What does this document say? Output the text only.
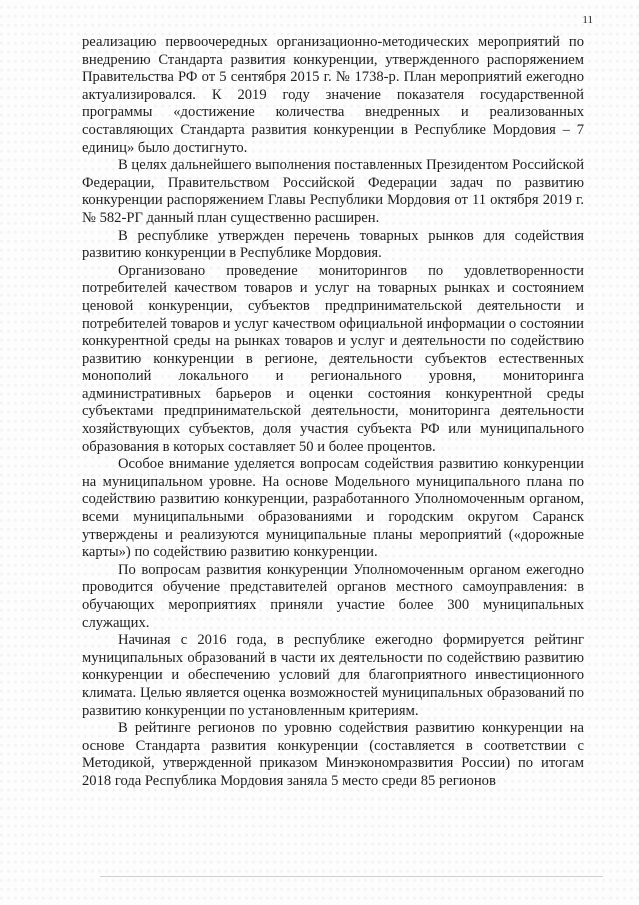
11

реализацию первоочередных организационно-методических мероприятий по внедрению Стандарта развития конкуренции, утвержденного распоряжением Правительства РФ от 5 сентября 2015 г. № 1738-р. План мероприятий ежегодно актуализировался. К 2019 году значение показателя государственной программы «достижение количества внедренных и реализованных составляющих Стандарта развития конкуренции в Республике Мордовия – 7 единиц» было достигнуто.

В целях дальнейшего выполнения поставленных Президентом Российской Федерации, Правительством Российской Федерации задач по развитию конкуренции распоряжением Главы Республики Мордовия от 11 октября 2019 г. № 582-РГ данный план существенно расширен.

В республике утвержден перечень товарных рынков для содействия развитию конкуренции в Республике Мордовия.

Организовано проведение мониторингов по удовлетворенности потребителей качеством товаров и услуг на товарных рынках и состоянием ценовой конкуренции, субъектов предпринимательской деятельности и потребителей товаров и услуг качеством официальной информации о состоянии конкурентной среды на рынках товаров и услуг и деятельности по содействию развитию конкуренции в регионе, деятельности субъектов естественных монополий локального и регионального уровня, мониторинга административных барьеров и оценки состояния конкурентной среды субъектами предпринимательской деятельности, мониторинга деятельности хозяйствующих субъектов, доля участия субъекта РФ или муниципального образования в которых составляет 50 и более процентов.

Особое внимание уделяется вопросам содействия развитию конкуренции на муниципальном уровне. На основе Модельного муниципального плана по содействию развитию конкуренции, разработанного Уполномоченным органом, всеми муниципальными образованиями и городским округом Саранск утверждены и реализуются муниципальные планы мероприятий («дорожные карты») по содействию развитию конкуренции.

По вопросам развития конкуренции Уполномоченным органом ежегодно проводится обучение представителей органов местного самоуправления: в обучающих мероприятиях приняли участие более 300 муниципальных служащих.

Начиная с 2016 года, в республике ежегодно формируется рейтинг муниципальных образований в части их деятельности по содействию развитию конкуренции и обеспечению условий для благоприятного инвестиционного климата. Целью является оценка возможностей муниципальных образований по развитию конкуренции по установленным критериям.

В рейтинге регионов по уровню содействия развитию конкуренции на основе Стандарта развития конкуренции (составляется в соответствии с Методикой, утвержденной приказом Минэкономразвития России) по итогам 2018 года Республика Мордовия заняла 5 место среди 85 регионов
